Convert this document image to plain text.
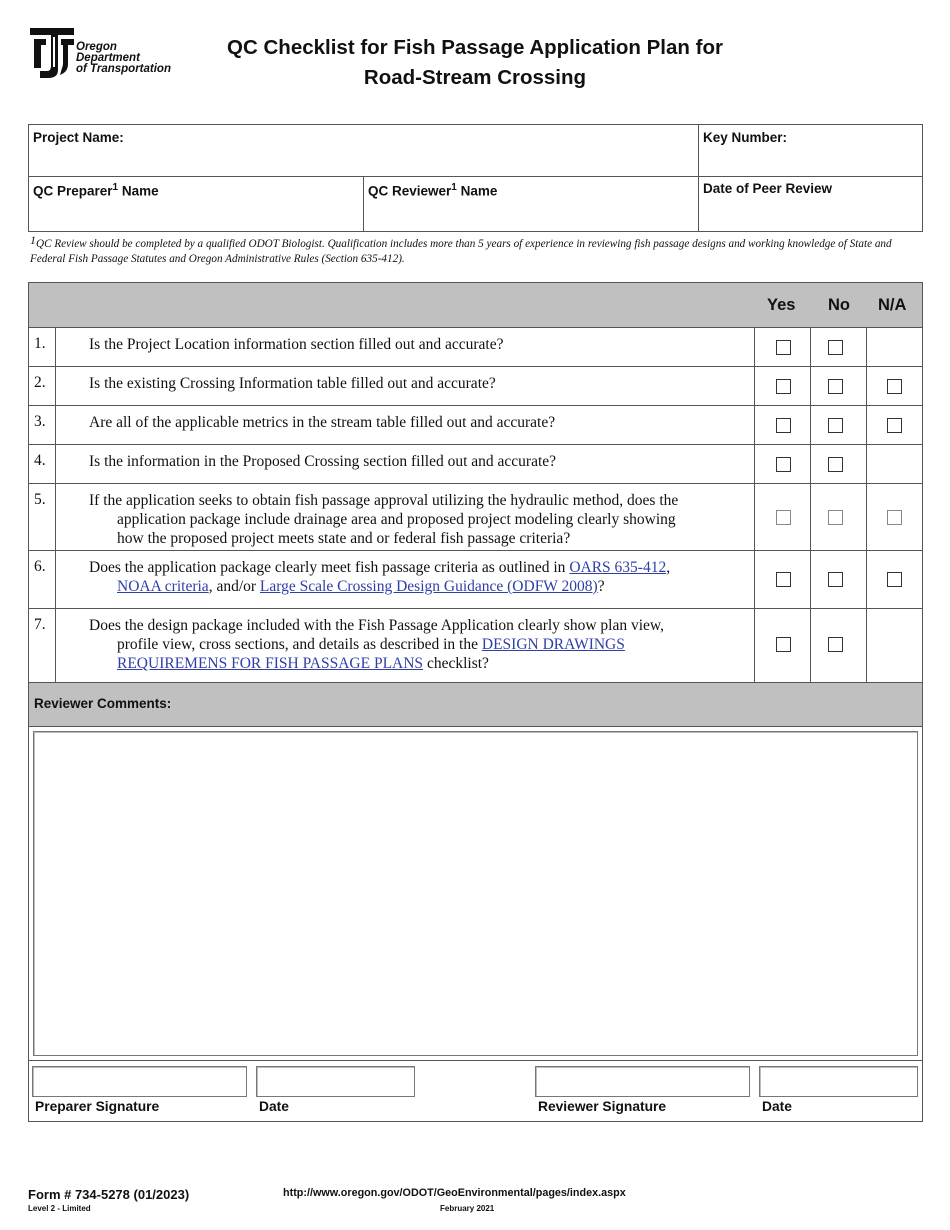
Oregon
Department
of Transportation
QC Checklist for Fish Passage Application Plan for
Road-Stream Crossing
Project Name:	Key Number:
QC Preparer$^1$ Name	QC Reviewer$^1$ Name	Date of Peer Review
$^1$QC Review should be completed by a qualified ODOT Biologist. Qualification includes more than 5 years of experience in reviewing fish passage designs and working knowledge of State and Federal Fish Passage Statutes and Oregon Administrative Rules (Section 635-412).
Yes No N/A
1.	Is the Project Location information section filled out and accurate?
2.	Is the existing Crossing Information table filled out and accurate?
3.	Are all of the applicable metrics in the stream table filled out and accurate?
4.	Is the information in the Proposed Crossing section filled out and accurate?
5.	If the application seeks to obtain fish passage approval utilizing the hydraulic method, does the
application package include drainage area and proposed project modeling clearly showing
how the proposed project meets state and or federal fish passage criteria?
6.	Does the application package clearly meet fish passage criteria as outlined in OARS 635-412,
NOAA criteria, and/or Large Scale Crossing Design Guidance (ODFW 2008)?
7.	Does the design package included with the Fish Passage Application clearly show plan view,
profile view, cross sections, and details as described in the DESIGN DRAWINGS
REQUIREMENS FOR FISH PASSAGE PLANS checklist?
Reviewer Comments:
Preparer Signature	Date	Reviewer Signature	Date
Form # 734-5278 (01/2023)
Level 2 - Limited
http://www.oregon.gov/ODOT/GeoEnvironmental/pages/index.aspx
February 2021
